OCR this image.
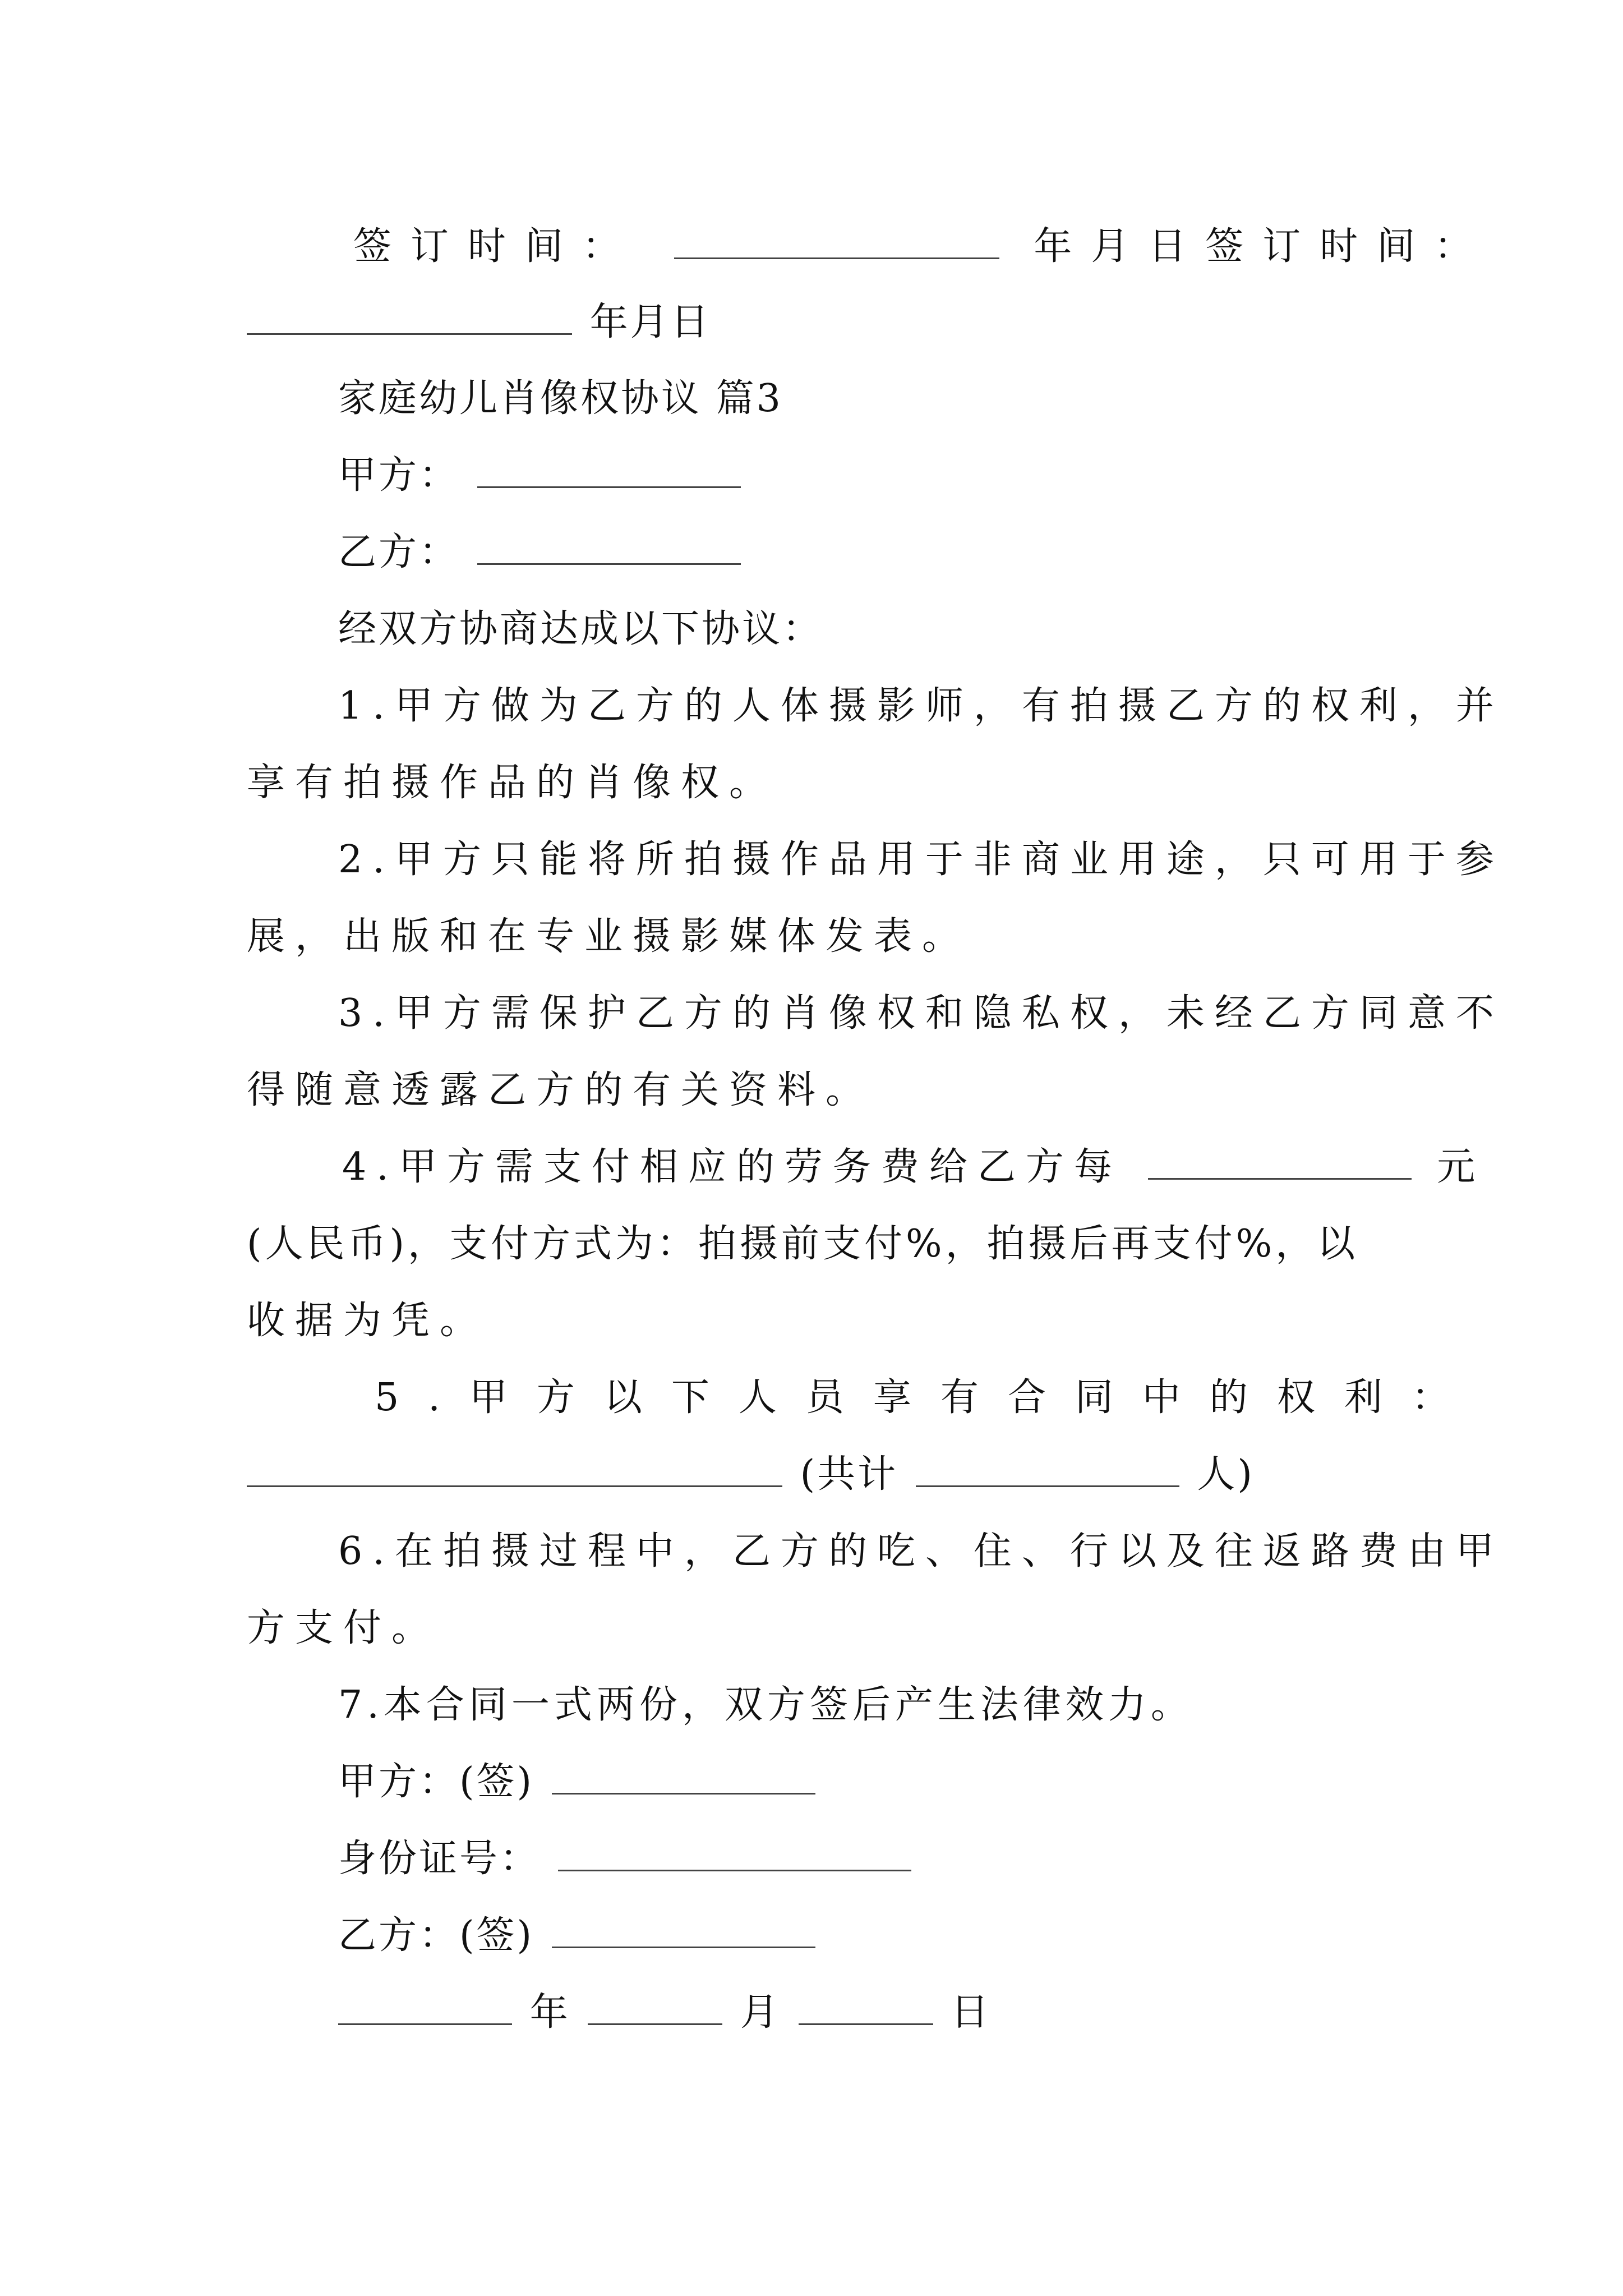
签订时间：	年月日签订时间：
年月日
家庭幼儿肖像权协议 篇3
甲方：
乙方：
经双方协商达成以下协议：
1.甲方做为乙方的人体摄影师，有拍摄乙方的权利，并
享有拍摄作品的肖像权。
2.甲方只能将所拍摄作品用于非商业用途，只可用于参
展，出版和在专业摄影媒体发表。
3.甲方需保护乙方的肖像权和隐私权，未经乙方同意不
得随意透露乙方的有关资料。
4.甲方需支付相应的劳务费给乙方每	元
(人民币)，支付方式为：拍摄前支付%，拍摄后再支付%，以
收据为凭。
5.甲方以下人员享有合同中的权利：
(共计	人)
6.在拍摄过程中，乙方的吃、住、行以及往返路费由甲
方支付。
7.本合同一式两份，双方签后产生法律效力。
甲方：(签)
身份证号：
乙方：(签)
年	月	日
